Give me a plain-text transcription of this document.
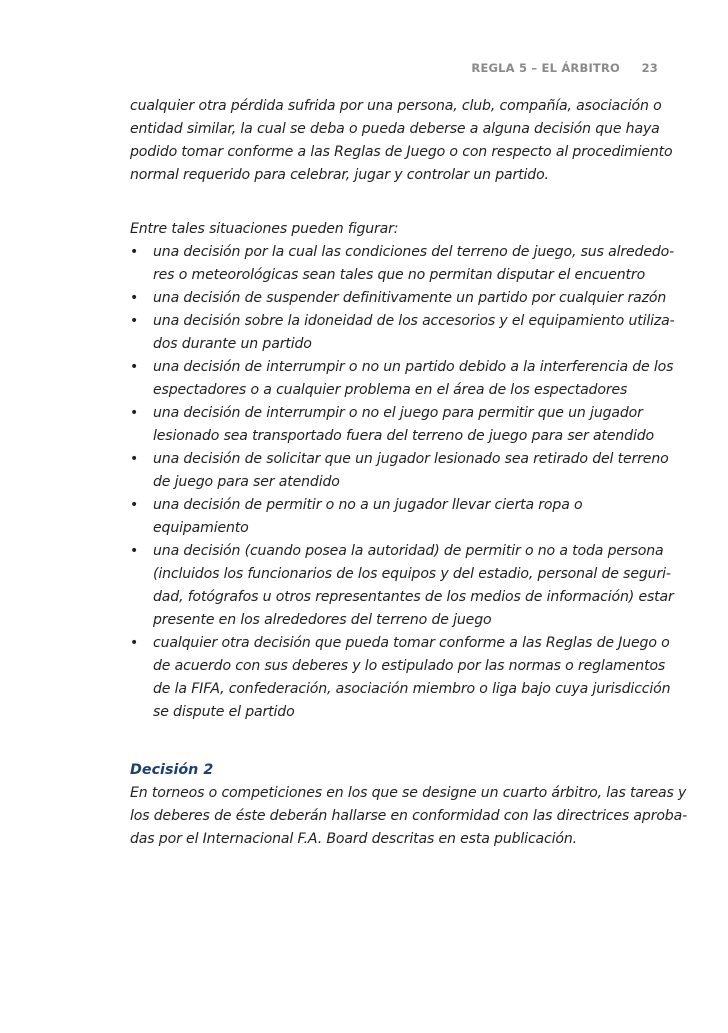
REGLA 5 – EL ÁRBITRO 23

cualquier otra pérdida sufrida por una persona, club, compañía, asociación o
entidad similar, la cual se deba o pueda deberse a alguna decisión que haya
podido tomar conforme a las Reglas de Juego o con respecto al procedimiento
normal requerido para celebrar, jugar y controlar un partido.

Entre tales situaciones pueden figurar:

• una decisión por la cual las condiciones del terreno de juego, sus alrededo-
res o meteorológicas sean tales que no permitan disputar el encuentro
• una decisión de suspender definitivamente un partido por cualquier razón
• una decisión sobre la idoneidad de los accesorios y el equipamiento utiliza-
dos durante un partido
• una decisión de interrumpir o no un partido debido a la interferencia de los
espectadores o a cualquier problema en el área de los espectadores
• una decisión de interrumpir o no el juego para permitir que un jugador
lesionado sea transportado fuera del terreno de juego para ser atendido
• una decisión de solicitar que un jugador lesionado sea retirado del terreno
de juego para ser atendido
• una decisión de permitir o no a un jugador llevar cierta ropa o
equipamiento
• una decisión (cuando posea la autoridad) de permitir o no a toda persona
(incluidos los funcionarios de los equipos y del estadio, personal de seguri-
dad, fotógrafos u otros representantes de los medios de información) estar
presente en los alrededores del terreno de juego
• cualquier otra decisión que pueda tomar conforme a las Reglas de Juego o
de acuerdo con sus deberes y lo estipulado por las normas o reglamentos
de la FIFA, confederación, asociación miembro o liga bajo cuya jurisdicción
se dispute el partido
Decisión 2

En torneos o competiciones en los que se designe un cuarto árbitro, las tareas y
los deberes de éste deberán hallarse en conformidad con las directrices aproba-
das por el Internacional F.A. Board descritas en esta publicación.
